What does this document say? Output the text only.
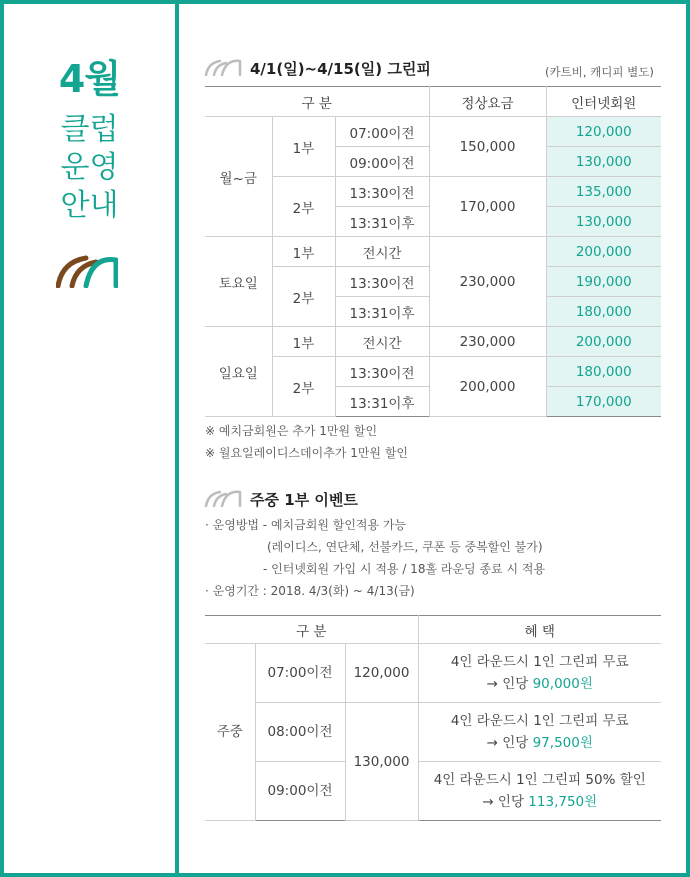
4월
클럽
운영
안내
4/1(일)~4/15(일) 그린피	(카트비, 캐디피 별도)
구 분			정상요금	인터넷회원
월~금	1부	07:00이전	150,000	120,000
		09:00이전		130,000
	2부	13:30이전	170,000	135,000
		13:31이후		130,000
토요일	1부	전시간	230,000	200,000
	2부	13:30이전		190,000
		13:31이후		180,000
일요일	1부	전시간	230,000	200,000
	2부	13:30이전	200,000	180,000
		13:31이후		170,000
※ 예치금회원은 추가 1만원 할인
※ 월요일레이디스데이추가 1만원 할인
주중 1부 이벤트
· 운영방법 - 예치금회원 할인적용 가능
(레이디스, 연단체, 선불카드, 쿠폰 등 중복할인 불가)
- 인터넷회원 가입 시 적용 / 18홀 라운딩 종료 시 적용
· 운영기간 : 2018. 4/3(화) ~ 4/13(금)
구 분			혜 택
주중	07:00이전	120,000	4인 라운드시 1인 그린피 무료
→ 인당 90,000원

	08:00이전	130,000	4인 라운드시 1인 그린피 무료
→ 인당 97,500원

	09:00이전		4인 라운드시 1인 그린피 50% 할인
→ 인당 113,750원
